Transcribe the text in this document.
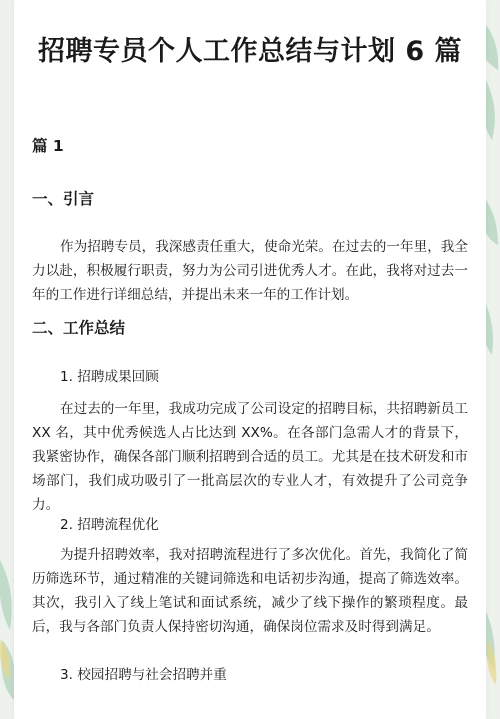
招聘专员个人工作总结与计划 6 篇
篇 1
一、引言

作为招聘专员，我深感责任重大，使命光荣。在过去的一年里，我全力以赴，积极履行职责，努力为公司引进优秀人才。在此，我将对过去一年的工作进行详细总结，并提出未来一年的工作计划。

二、工作总结

1. 招聘成果回顾

在过去的一年里，我成功完成了公司设定的招聘目标，共招聘新员工 XX 名，其中优秀候选人占比达到 XX%。在各部门急需人才的背景下，我紧密协作，确保各部门顺利招聘到合适的员工。尤其是在技术研发和市场部门，我们成功吸引了一批高层次的专业人才，有效提升了公司竞争力。

2. 招聘流程优化

为提升招聘效率，我对招聘流程进行了多次优化。首先，我简化了简历筛选环节，通过精准的关键词筛选和电话初步沟通，提高了筛选效率。其次，我引入了线上笔试和面试系统，减少了线下操作的繁琐程度。最后，我与各部门负责人保持密切沟通，确保岗位需求及时得到满足。

3. 校园招聘与社会招聘并重
